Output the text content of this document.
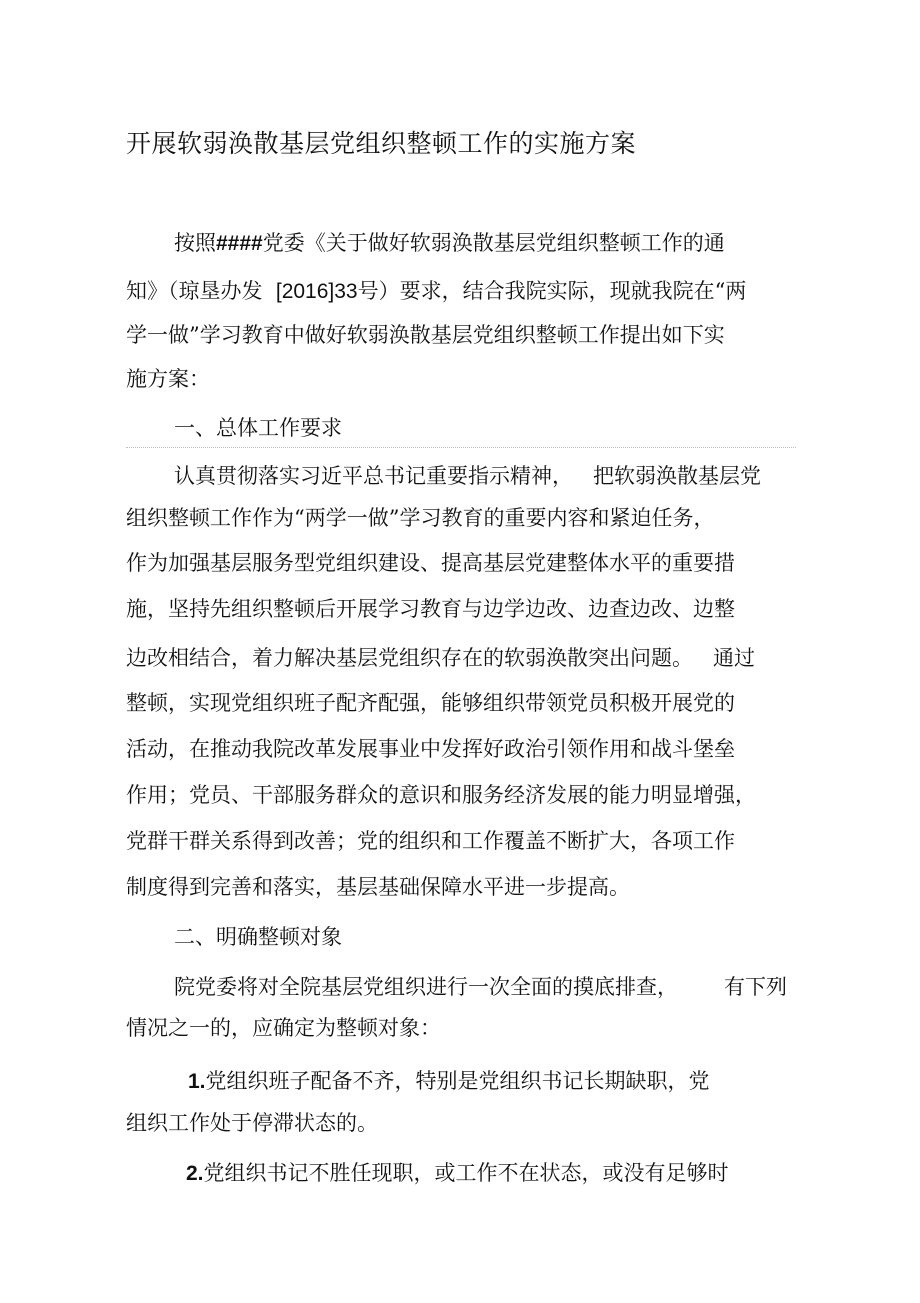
开展软弱涣散基层党组织整顿工作的实施方案
按照####党委《关于做好软弱涣散基层党组织整顿工作的通
知》（琼垦办发  [2016]33号）要求，结合我院实际，现就我院在“两
学一做”学习教育中做好软弱涣散基层党组织整顿工作提出如下实
施方案：
一、总体工作要求
认真贯彻落实习近平总书记重要指示精神，   把软弱涣散基层党
组织整顿工作作为“两学一做”学习教育的重要内容和紧迫任务，
作为加强基层服务型党组织建设、提高基层党建整体水平的重要措
施，坚持先组织整顿后开展学习教育与边学边改、边查边改、边整
边改相结合，着力解决基层党组织存在的软弱涣散突出问题。   通过
整顿，实现党组织班子配齐配强，能够组织带领党员积极开展党的
活动，在推动我院改革发展事业中发挥好政治引领作用和战斗堡垒
作用；党员、干部服务群众的意识和服务经济发展的能力明显增强，
党群干群关系得到改善；党的组织和工作覆盖不断扩大，各项工作
制度得到完善和落实，基层基础保障水平进一步提高。
二、明确整顿对象
院党委将对全院基层党组织进行一次全面的摸底排查， 有下列
情况之一的，应确定为整顿对象：
1.党组织班子配备不齐，特别是党组织书记长期缺职，党
组织工作处于停滞状态的。
2.党组织书记不胜任现职，或工作不在状态，或没有足够时
